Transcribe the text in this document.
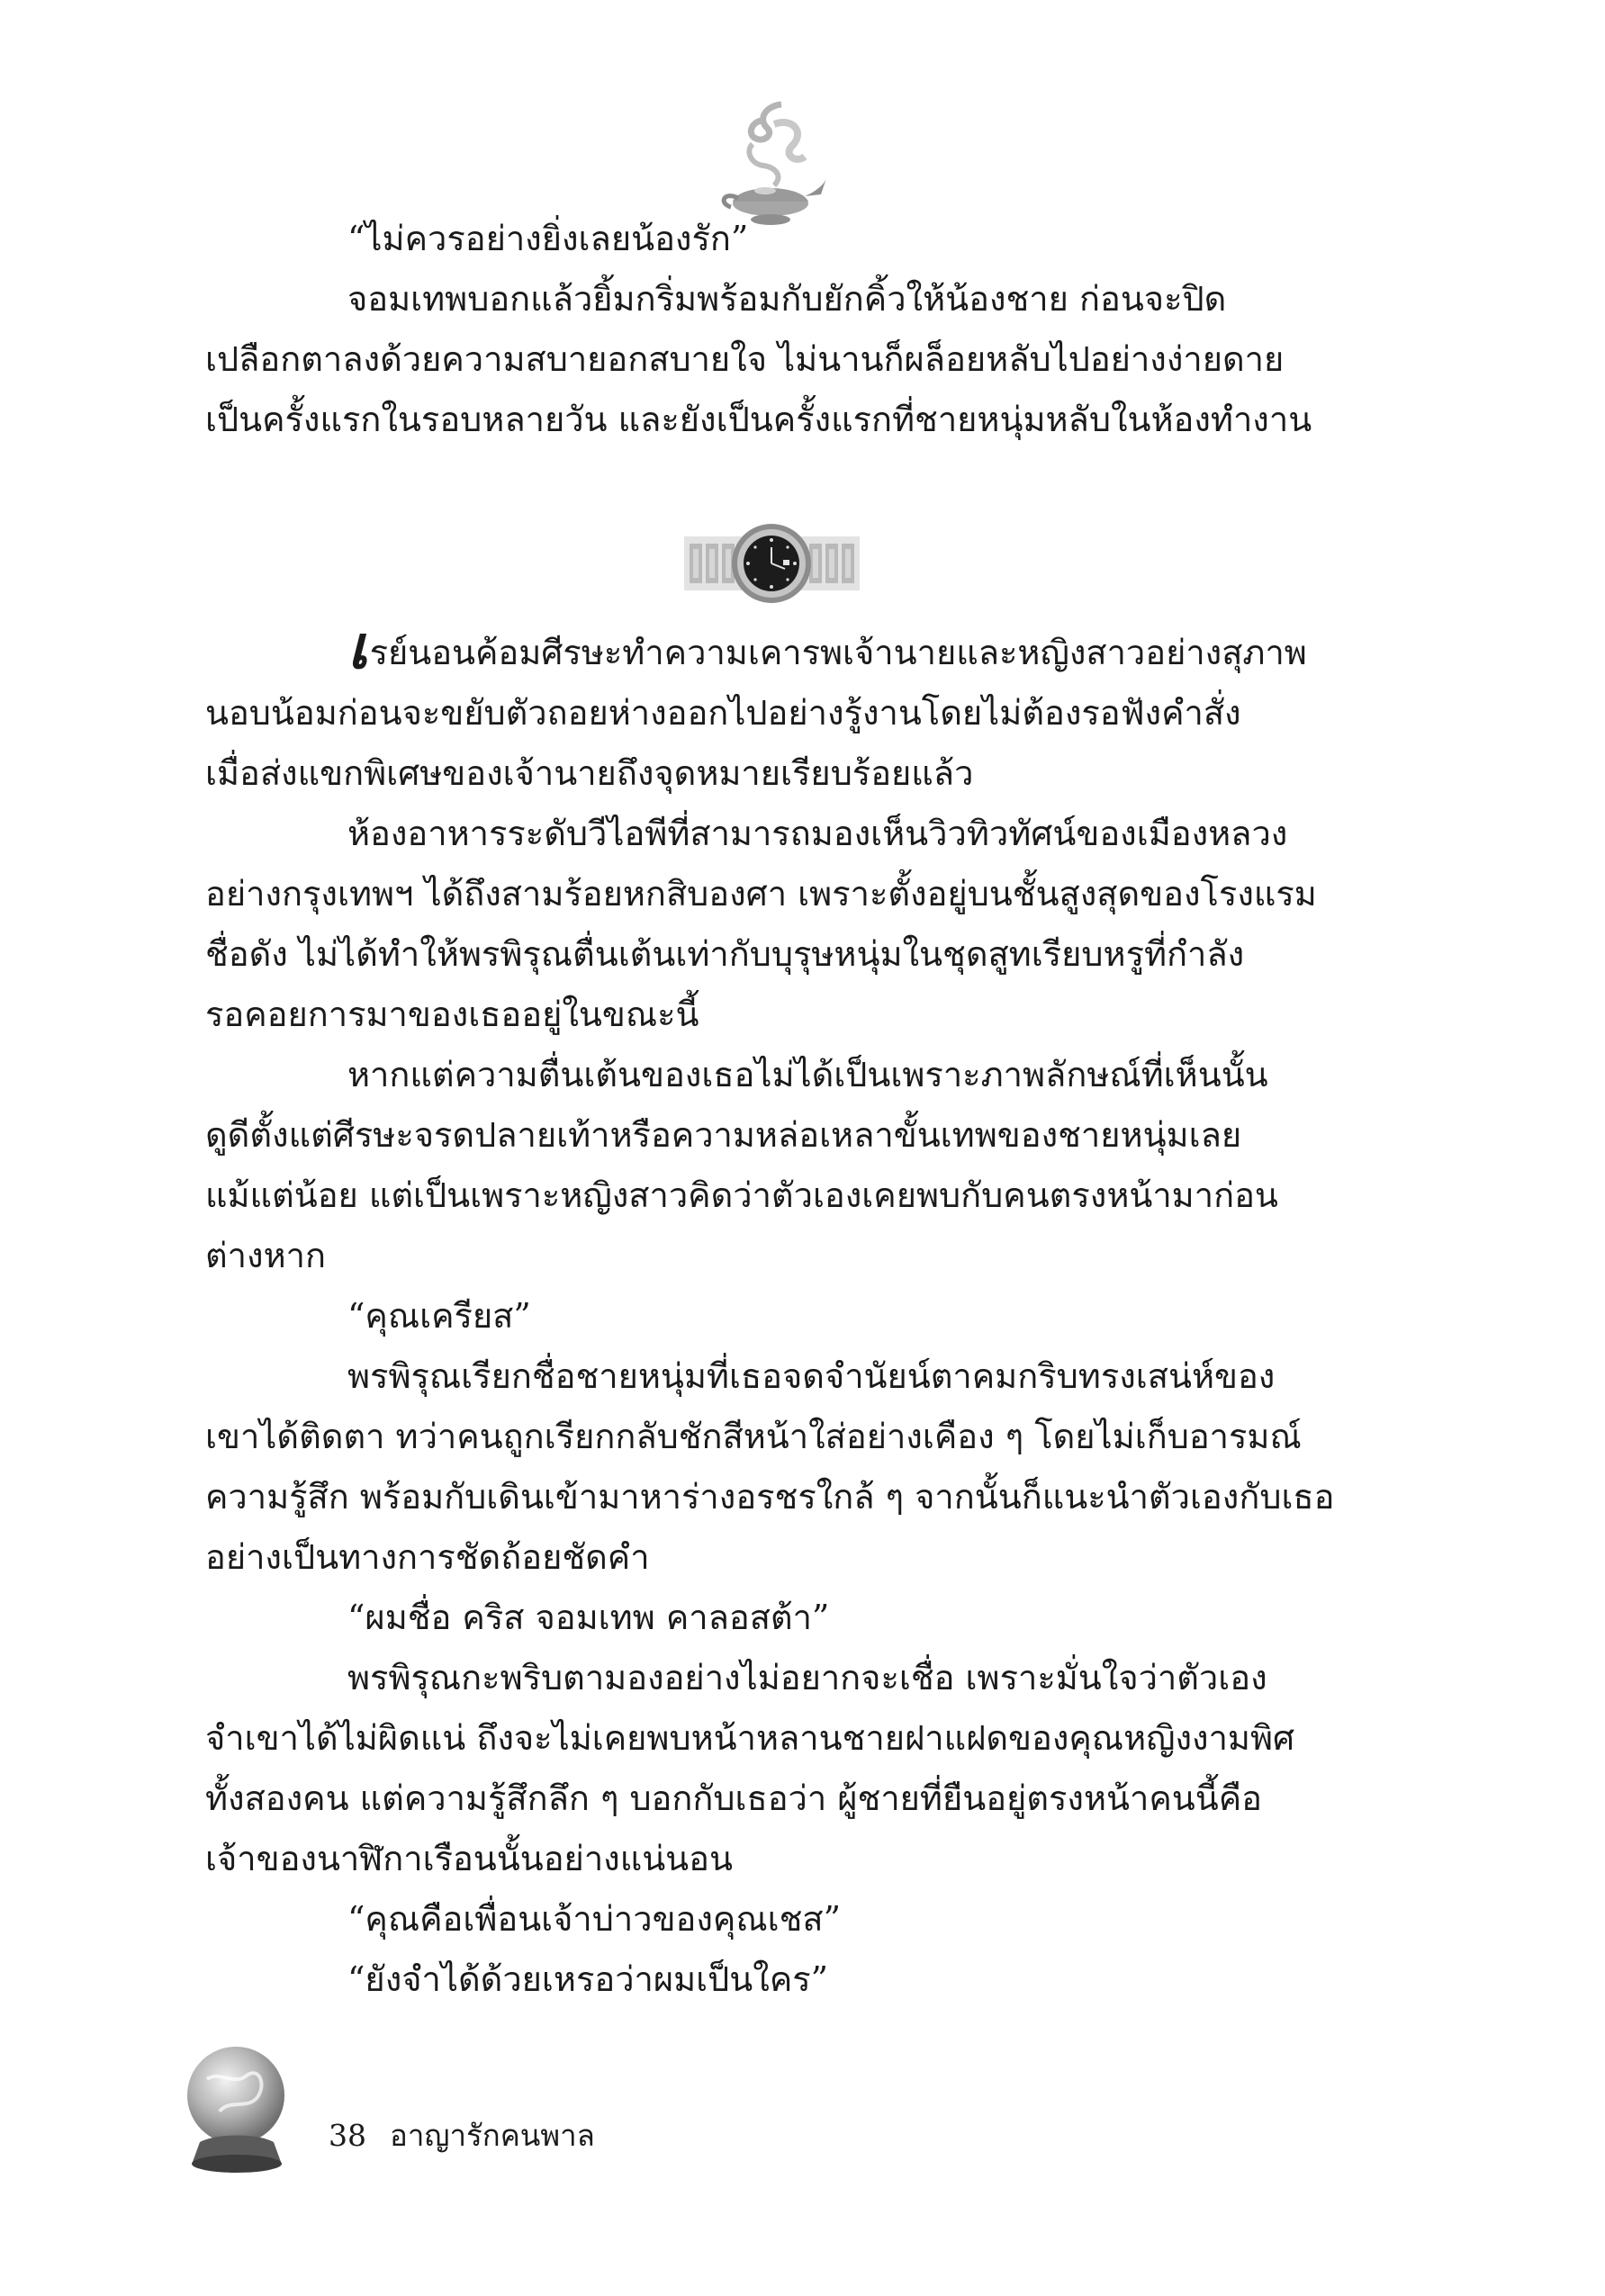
“ไม่ควรอย่างยิ่งเลยน้องรัก”

จอมเทพบอกแล้วยิ้มกริ่มพร้อมกับยักคิ้วให้น้องชาย ก่อนจะปิด

เปลือกตาลงด้วยความสบายอกสบายใจ ไม่นานก็ผล็อยหลับไปอย่างง่ายดาย

เป็นครั้งแรกในรอบหลายวัน และยังเป็นครั้งแรกที่ชายหนุ่มหลับในห้องทำงาน

เรย์นอนค้อมศีรษะทำความเคารพเจ้านายและหญิงสาวอย่างสุภาพ

นอบน้อมก่อนจะขยับตัวถอยห่างออกไปอย่างรู้งานโดยไม่ต้องรอฟังคำสั่ง

เมื่อส่งแขกพิเศษของเจ้านายถึงจุดหมายเรียบร้อยแล้ว

ห้องอาหารระดับวีไอพีที่สามารถมองเห็นวิวทิวทัศน์ของเมืองหลวง

อย่างกรุงเทพฯ ได้ถึงสามร้อยหกสิบองศา เพราะตั้งอยู่บนชั้นสูงสุดของโรงแรม

ชื่อดัง ไม่ได้ทำให้พรพิรุณตื่นเต้นเท่ากับบุรุษหนุ่มในชุดสูทเรียบหรูที่กำลัง

รอคอยการมาของเธออยู่ในขณะนี้

หากแต่ความตื่นเต้นของเธอไม่ได้เป็นเพราะภาพลักษณ์ที่เห็นนั้น

ดูดีตั้งแต่ศีรษะจรดปลายเท้าหรือความหล่อเหลาขั้นเทพของชายหนุ่มเลย

แม้แต่น้อย แต่เป็นเพราะหญิงสาวคิดว่าตัวเองเคยพบกับคนตรงหน้ามาก่อน

ต่างหาก

“คุณเครียส”

พรพิรุณเรียกชื่อชายหนุ่มที่เธอจดจำนัยน์ตาคมกริบทรงเสน่ห์ของ

เขาได้ติดตา ทว่าคนถูกเรียกกลับชักสีหน้าใส่อย่างเคือง ๆ โดยไม่เก็บอารมณ์

ความรู้สึก พร้อมกับเดินเข้ามาหาร่างอรชรใกล้ ๆ จากนั้นก็แนะนำตัวเองกับเธอ

อย่างเป็นทางการชัดถ้อยชัดคำ

“ผมชื่อ คริส จอมเทพ คาลอสต้า”

พรพิรุณกะพริบตามองอย่างไม่อยากจะเชื่อ เพราะมั่นใจว่าตัวเอง

จำเขาได้ไม่ผิดแน่ ถึงจะไม่เคยพบหน้าหลานชายฝาแฝดของคุณหญิงงามพิศ

ทั้งสองคน แต่ความรู้สึกลึก ๆ บอกกับเธอว่า ผู้ชายที่ยืนอยู่ตรงหน้าคนนี้คือ

เจ้าของนาฬิกาเรือนนั้นอย่างแน่นอน

“คุณคือเพื่อนเจ้าบ่าวของคุณเชส”

“ยังจำได้ด้วยเหรอว่าผมเป็นใคร”

38 อาญารักคนพาล
